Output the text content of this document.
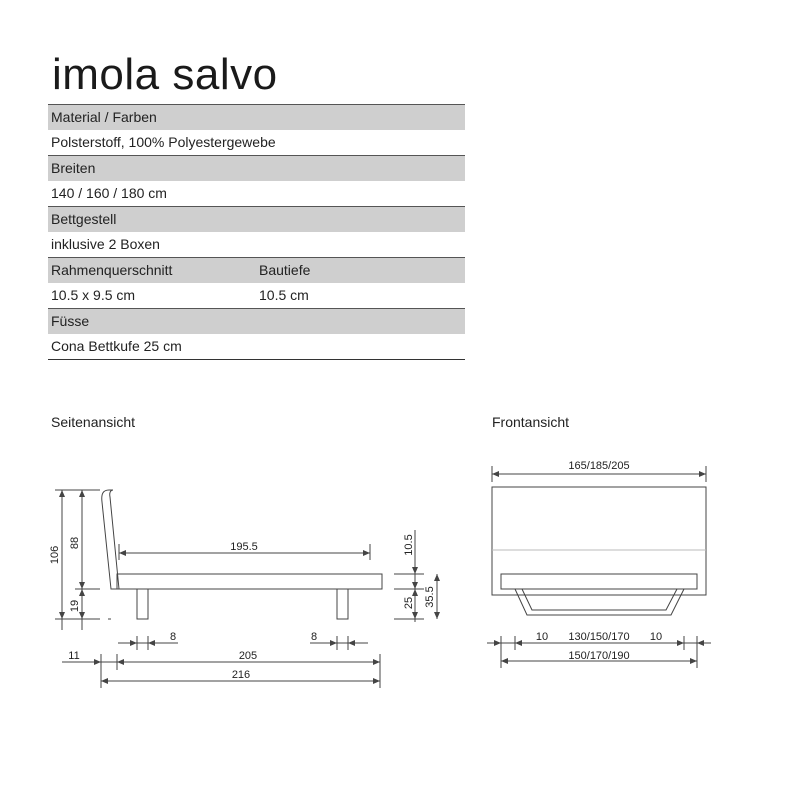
imola salvo
Material / Farben
Polsterstoff, 100% Polyestergewebe
Breiten
140 / 160 / 180 cm
Bettgestell
inklusive 2 Boxen
Rahmenquerschnitt	Bautiefe
10.5 x 9.5 cm	10.5 cm
Füsse
Cona Bettkufe 25 cm
Seitenansicht	Frontansicht
106
88
19
195.5	10.5
25 35.5
8	8
11	205
216
165/185/205
10 130/150/170 10
150/170/190
